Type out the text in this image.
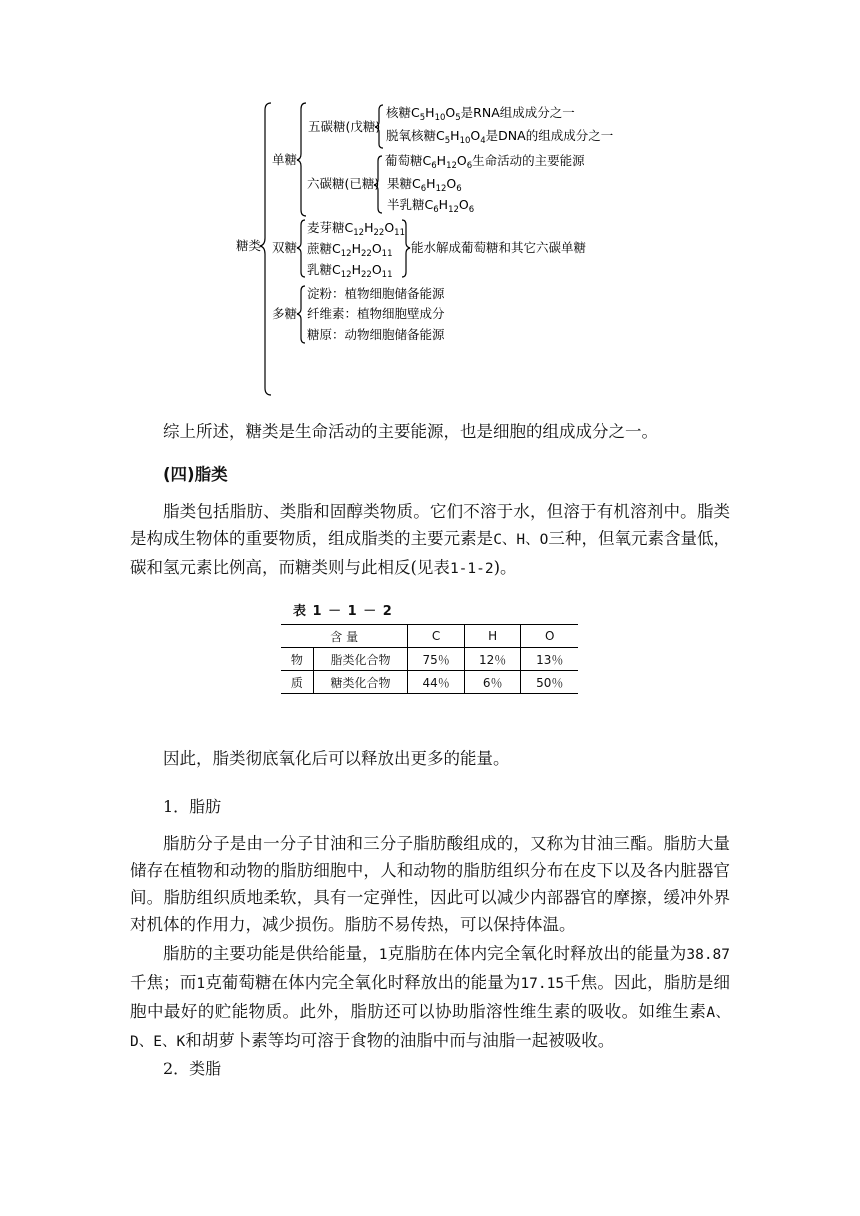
糖类
单糖
双糖
多糖
五碳糖(戊糖)
六碳糖(已糖)
核糖$C_5H_{10}O_5$是RNA组成成分之一
脱氧核糖$C_5H_{10}O_4$是DNA的组成成分之一
葡萄糖$C_6H_{12}O_6$生命活动的主要能源
果糖$C_6H_{12}O_6$
半乳糖$C_6H_{12}O_6$
麦芽糖$C_{12}H_{22}O_{11}$
蔗糖$C_{12}H_{22}O_{11}$
乳糖$C_{12}H_{22}O_{11}$
能水解成葡萄糖和其它六碳单糖
淀粉：植物细胞储备能源
纤维素：植物细胞壁成分
糖原：动物细胞储备能源

综上所述，糖类是生命活动的主要能源，也是细胞的组成成分之一。

(四)脂类

脂类包括脂肪、类脂和固醇类物质。它们不溶于水，但溶于有机溶剂中。脂类是构成生物体的重要物质，组成脂类的主要元素是C、H、O三种，但氧元素含量低，碳和氢元素比例高，而糖类则与此相反(见表1-1-2)。

表 1 － 1 － 2
含 量		C	H	O
物	脂类化合物	75％	12％	13％
质	糖类化合物	44％	6％	50％

因此，脂类彻底氧化后可以释放出更多的能量。

1．脂肪

脂肪分子是由一分子甘油和三分子脂肪酸组成的，又称为甘油三酯。脂肪大量储存在植物和动物的脂肪细胞中，人和动物的脂肪组织分布在皮下以及各内脏器官间。脂肪组织质地柔软，具有一定弹性，因此可以减少内部器官的摩擦，缓冲外界对机体的作用力，减少损伤。脂肪不易传热，可以保持体温。

脂肪的主要功能是供给能量，1克脂肪在体内完全氧化时释放出的能量为38.87千焦；而1克葡萄糖在体内完全氧化时释放出的能量为17.15千焦。因此，脂肪是细胞中最好的贮能物质。此外，脂肪还可以协助脂溶性维生素的吸收。如维生素A、D、E、K和胡萝卜素等均可溶于食物的油脂中而与油脂一起被吸收。

2．类脂
